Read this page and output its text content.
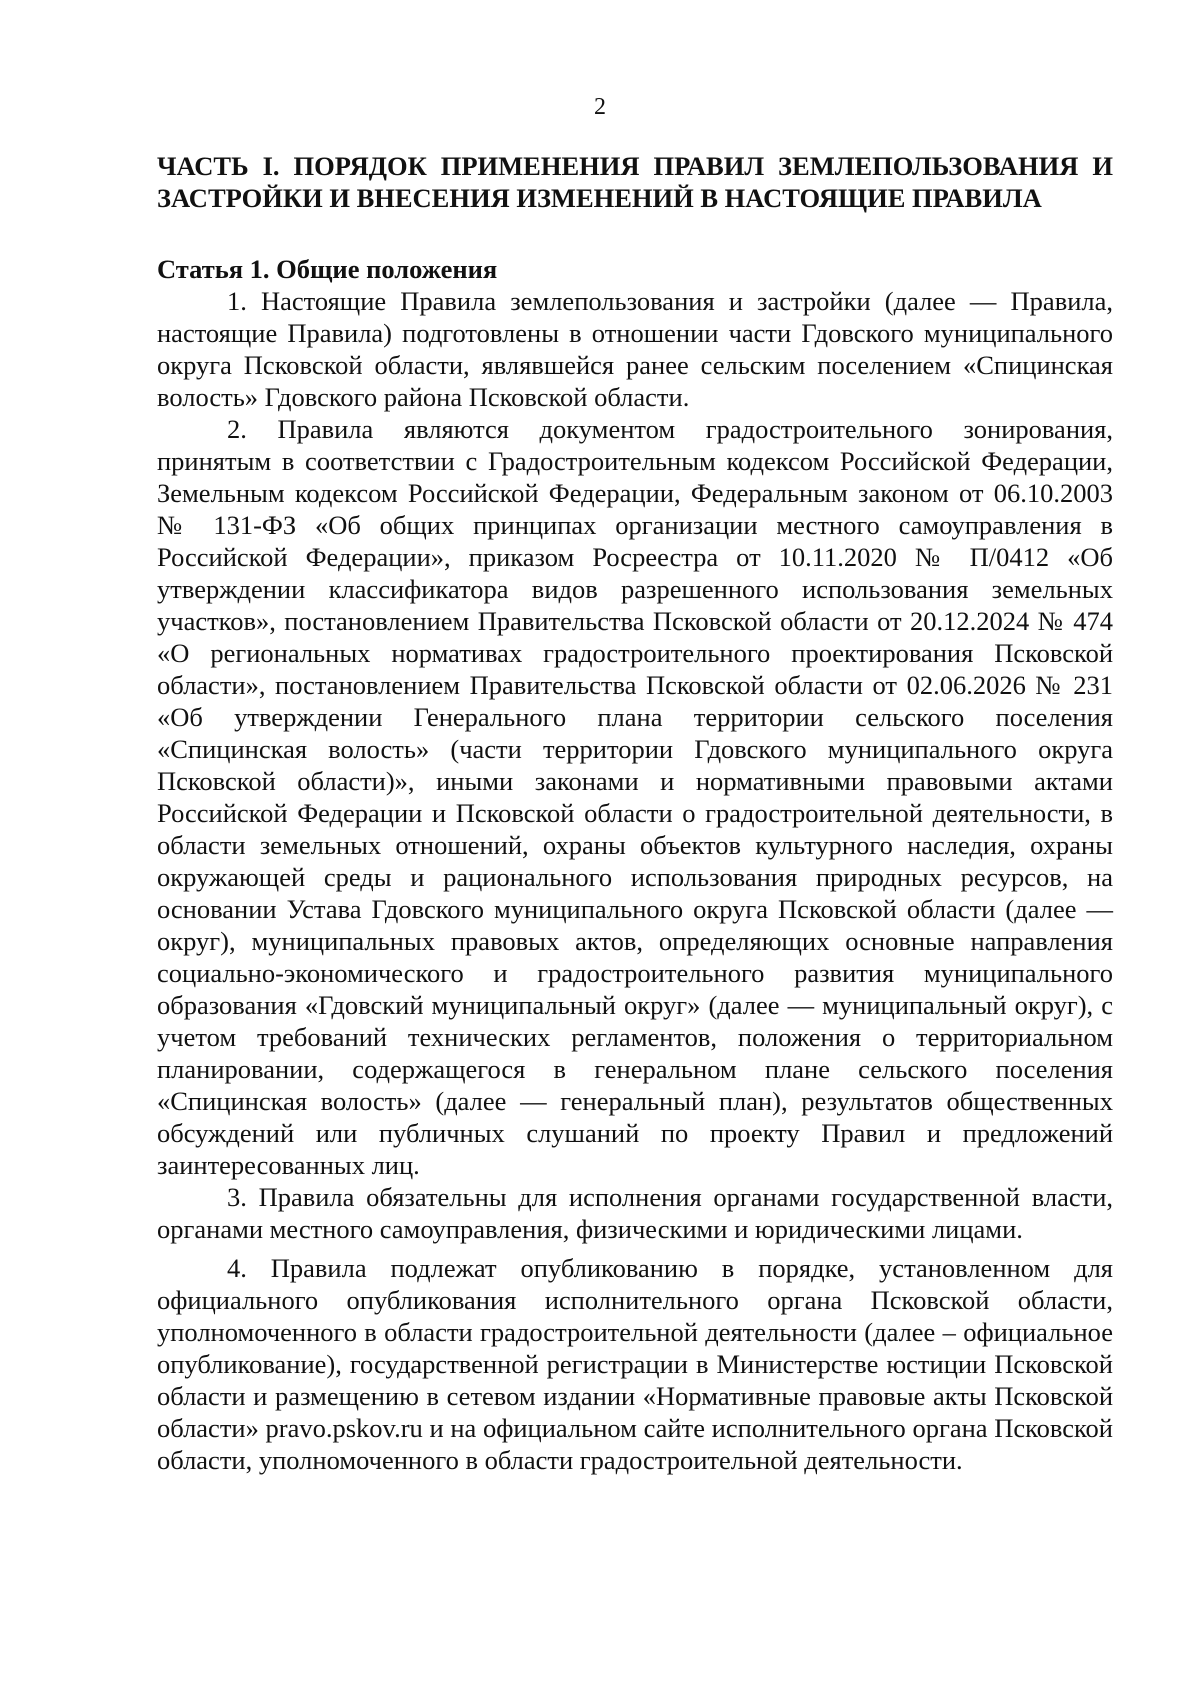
2
ЧАСТЬ I. ПОРЯДОК ПРИМЕНЕНИЯ ПРАВИЛ ЗЕМЛЕПОЛЬЗОВАНИЯ И ЗАСТРОЙКИ И ВНЕСЕНИЯ ИЗМЕНЕНИЙ В НАСТОЯЩИЕ ПРАВИЛА
Статья 1. Общие положения

1. Настоящие Правила землепользования и застройки (далее — Правила, настоящие Правила) подготовлены в отношении части Гдовского муниципального округа Псковской области, являвшейся ранее сельским поселением «Спицинская волость» Гдовского района Псковской области.

2. Правила являются документом градостроительного зонирования, принятым в соответствии с Градостроительным кодексом Российской Федерации, Земельным кодексом Российской Федерации, Федеральным законом от 06.10.2003 № 131-ФЗ «Об общих принципах организации местного самоуправления в Российской Федерации», приказом Росреестра от 10.11.2020 № П/0412 «Об утверждении классификатора видов разрешенного использования земельных участков», постановлением Правительства Псковской области от 20.12.2024 № 474 «О региональных нормативах градостроительного проектирования Псковской области», постановлением Правительства Псковской области от 02.06.2026 № 231 «Об утверждении Генерального плана территории сельского поселения «Спицинская волость» (части территории Гдовского муниципального округа Псковской области)», иными законами и нормативными правовыми актами Российской Федерации и Псковской области о градостроительной деятельности, в области земельных отношений, охраны объектов культурного наследия, охраны окружающей среды и рационального использования природных ресурсов, на основании Устава Гдовского муниципального округа Псковской области (далее — округ), муниципальных правовых актов, определяющих основные направления социально-экономического и градостроительного развития муниципального образования «Гдовский муниципальный округ» (далее — муниципальный округ), с учетом требований технических регламентов, положения о территориальном планировании, содержащегося в генеральном плане сельского поселения «Спицинская волость» (далее — генеральный план), результатов общественных обсуждений или публичных слушаний по проекту Правил и предложений заинтересованных лиц.

3. Правила обязательны для исполнения органами государственной власти, органами местного самоуправления, физическими и юридическими лицами.

4. Правила подлежат опубликованию в порядке, установленном для официального опубликования исполнительного органа Псковской области, уполномоченного в области градостроительной деятельности (далее – официальное опубликование), государственной регистрации в Министерстве юстиции Псковской области и размещению в сетевом издании «Нормативные правовые акты Псковской области» pravo.pskov.ru и на официальном сайте исполнительного органа Псковской области, уполномоченного в области градостроительной деятельности.
